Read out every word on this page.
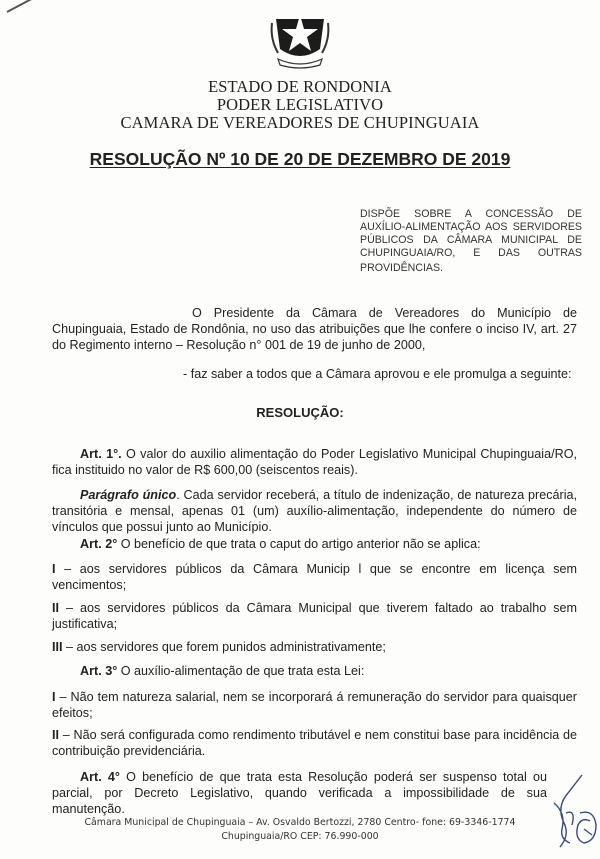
ESTADO DE RONDONIA
PODER LEGISLATIVO
CAMARA DE VEREADORES DE CHUPINGUAIA
RESOLUÇÃO Nº 10 DE 20 DE DEZEMBRO DE 2019
DISPÕE SOBRE A CONCESSÃO DE
AUXÍLIO-ALIMENTAÇÃO AOS SERVIDORES
PÚBLICOS DA CÂMARA MUNICIPAL DE
CHUPINGUAIA/RO, E DAS OUTRAS
PROVIDÊNCIAS.
O Presidente da Câmara de Vereadores do Município de Chupinguaia, Estado de Rondônia, no uso das atribuições que lhe confere o inciso IV, art. 27 do Regimento interno – Resolução n° 001 de 19 de junho de 2000,
- faz saber a todos que a Câmara aprovou e ele promulga a seguinte:
RESOLUÇÃO:
Art. 1°. O valor do auxilio alimentação do Poder Legislativo Municipal Chupinguaia/RO, fica instituido no valor de R$ 600,00 (seiscentos reais).
Parágrafo único. Cada servidor receberá, a título de indenização, de natureza precária, transitória e mensal, apenas 01 (um) auxílio-alimentação, independente do número de vínculos que possui junto ao Município.
Art. 2° O benefício de que trata o caput do artigo anterior não se aplica:
I – aos servidores públicos da Câmara Municip l que se encontre em licença sem vencimentos;
II – aos servidores públicos da Câmara Municipal que tiverem faltado ao trabalho sem justificativa;
III – aos servidores que forem punidos administrativamente;
Art. 3° O auxílio-alimentação de que trata esta Lei:
I – Não tem natureza salarial, nem se incorporará á remuneração do servidor para quaisquer efeitos;
II – Não será configurada como rendimento tributável e nem constitui base para incidência de contribuição previdenciária.
Art. 4° O benefício de que trata esta Resolução poderá ser suspenso total ou parcial, por Decreto Legislativo, quando verificada a impossibilidade de sua manutenção.
Câmara Municipal de Chupinguaia – Av. Osvaldo Bertozzi, 2780 Centro- fone: 69-3346-1774
Chupinguaia/RO CEP: 76.990-000
